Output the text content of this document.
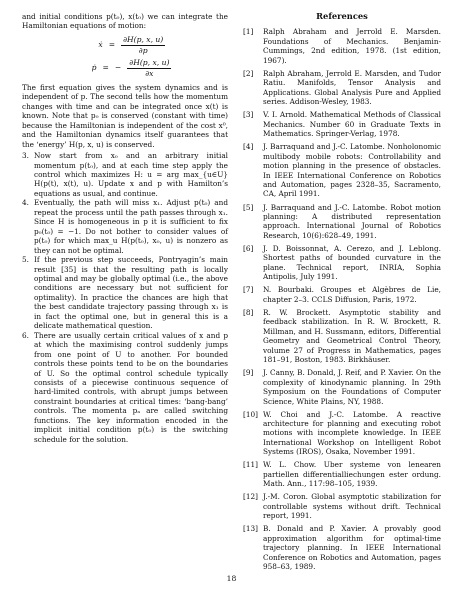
and initial conditions p(t₀), x(t₀) we can integrate the Hamiltonian equations of motion:

ẋ = $\frac{\partial H(p, x, u)}{\partial p}$
ṗ = − $\frac{\partial H(p, x, u)}{\partial x}$

The first equation gives the system dynamics and is independent of p. The second tells how the momentum changes with time and can be integrated once x(t) is known. Note that p₀ is conserved (constant with time) because the Hamiltonian is independent of the cost x⁰, and the Hamiltonian dynamics itself guarantees that the ‘energy’ H(p, x, u) is conserved.

3. Now start from x₀ and an arbitrary initial momentum p(t₀), and at each time step apply the control which maximizes H: u = arg max_{u∈U} H(p(t), x(t), u). Update x and p with Hamilton’s equations as usual, and continue.
4. Eventually, the path will miss x₁. Adjust p(t₀) and repeat the process until the path passes through x₁. Since H is homogeneous in p it is sufficient to fix p₀(t₀) = −1. Do not bother to consider values of p(t₀) for which max_u H(p(t₀), x₀, u) is nonzero as they can not be optimal.
5. If the previous step succeeds, Pontryagin’s main result [35] is that the resulting path is locally optimal and may be globally optimal (i.e., the above conditions are necessary but not sufficient for optimality). In practice the chances are high that the best candidate trajectory passing through x₁ is in fact the optimal one, but in general this is a delicate mathematical question.
6. There are usually certain critical values of x and p at which the maximising control suddenly jumps from one point of U to another. For bounded controls these points tend to be on the boundaries of U. So the optimal control schedule typically consists of a piecewise continuous sequence of hard-limited controls, with abrupt jumps between constraint boundaries at critical times: ‘bang-bang’ controls. The momenta pₐ are called switching functions. The key information encoded in the implicit initial condition p(t₀) is the switching schedule for the solution.
References
[1] Ralph Abraham and Jerrold E. Marsden. Foundations of Mechanics. Benjamin-Cummings, 2nd edition, 1978. (1st edition, 1967).
[2] Ralph Abraham, Jerrold E. Marsden, and Tudor Ratiu. Manifolds, Tensor Analysis and Applications. Global Analysis Pure and Applied series. Addison-Wesley, 1983.
[3] V. I. Arnold. Mathematical Methods of Classical Mechanics. Number 60 in Graduate Texts in Mathematics. Springer-Verlag, 1978.
[4] J. Barraquand and J.-C. Latombe. Nonholonomic multibody mobile robots: Controllability and motion planning in the presence of obstacles. In IEEE International Conference on Robotics and Automation, pages 2328–35, Sacramento, CA, April 1991.
[5] J. Barraquand and J.-C. Latombe. Robot motion planning: A distributed representation approach. International Journal of Robotics Research, 10(6):628–49, 1991.
[6] J. D. Boissonnat, A. Cerezo, and J. Leblong. Shortest paths of bounded curvature in the plane. Technical report, INRIA, Sophia Antipolis, July 1991.
[7] N. Bourbaki. Groupes et Algèbres de Lie, chapter 2–3. CCLS Diffusion, Paris, 1972.
[8] R. W. Brockett. Asymptotic stability and feedback stabilization. In R. W. Brockett, R. Millman, and H. Sussmann, editors, Differential Geometry and Geometrical Control Theory, volume 27 of Progress in Mathematics, pages 181–91, Boston, 1983. Birkhäuser.
[9] J. Canny, B. Donald, J. Reif, and P. Xavier. On the complexity of kinodynamic planning. In 29th Symposium on the Foundations of Computer Science, White Plains, NY, 1988.
[10] W. Choi and J.-C. Latombe. A reactive architecture for planning and executing robot motions with incomplete knowledge. In IEEE International Workshop on Intelligent Robot Systems (IROS), Osaka, November 1991.
[11] W. L. Chow. Uber systeme von lenearen partiellen differentialliechungen ester ordung. Math. Ann., 117:98–105, 1939.
[12] J.-M. Coron. Global asymptotic stabilization for controllable systems without drift. Technical report, 1991.
[13] B. Donald and P. Xavier. A provably good approximation algorithm for optimal-time trajectory planning. In IEEE International Conference on Robotics and Automation, pages 958–63, 1989.
18
